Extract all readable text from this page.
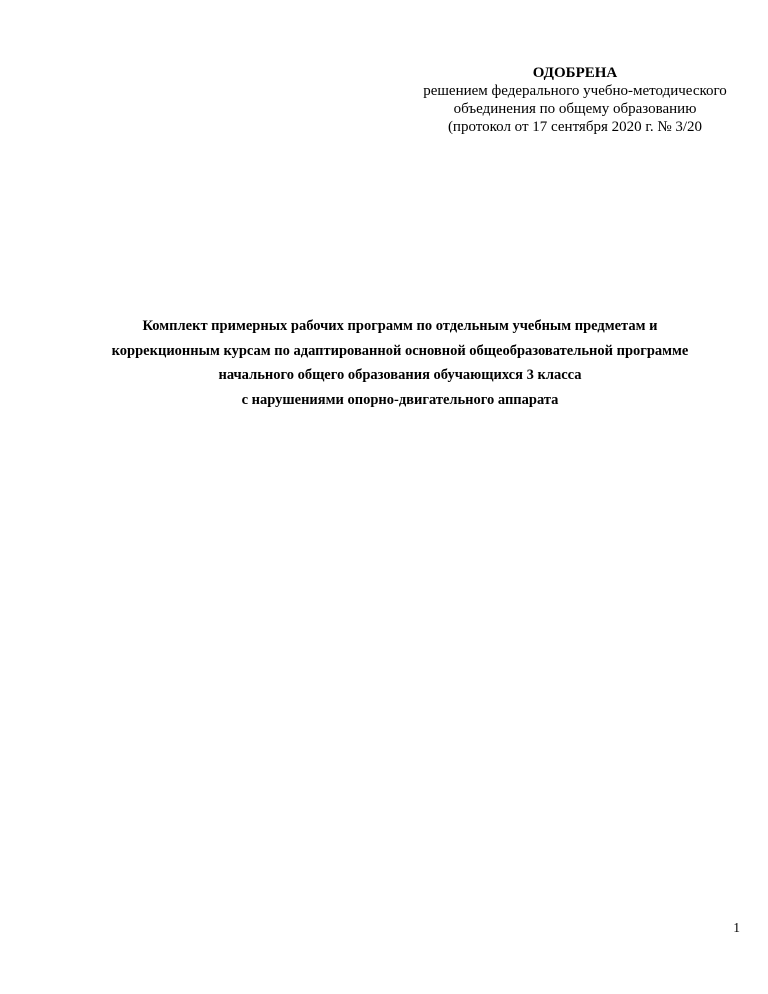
ОДОБРЕНА
решением федерального учебно-методического
объединения по общему образованию
(протокол от 17 сентября 2020 г. № 3/20
Комплект примерных рабочих программ по отдельным учебным предметам и
коррекционным курсам по адаптированной основной общеобразовательной программе
начального общего образования обучающихся 3 класса
с нарушениями опорно-двигательного аппарата
1
